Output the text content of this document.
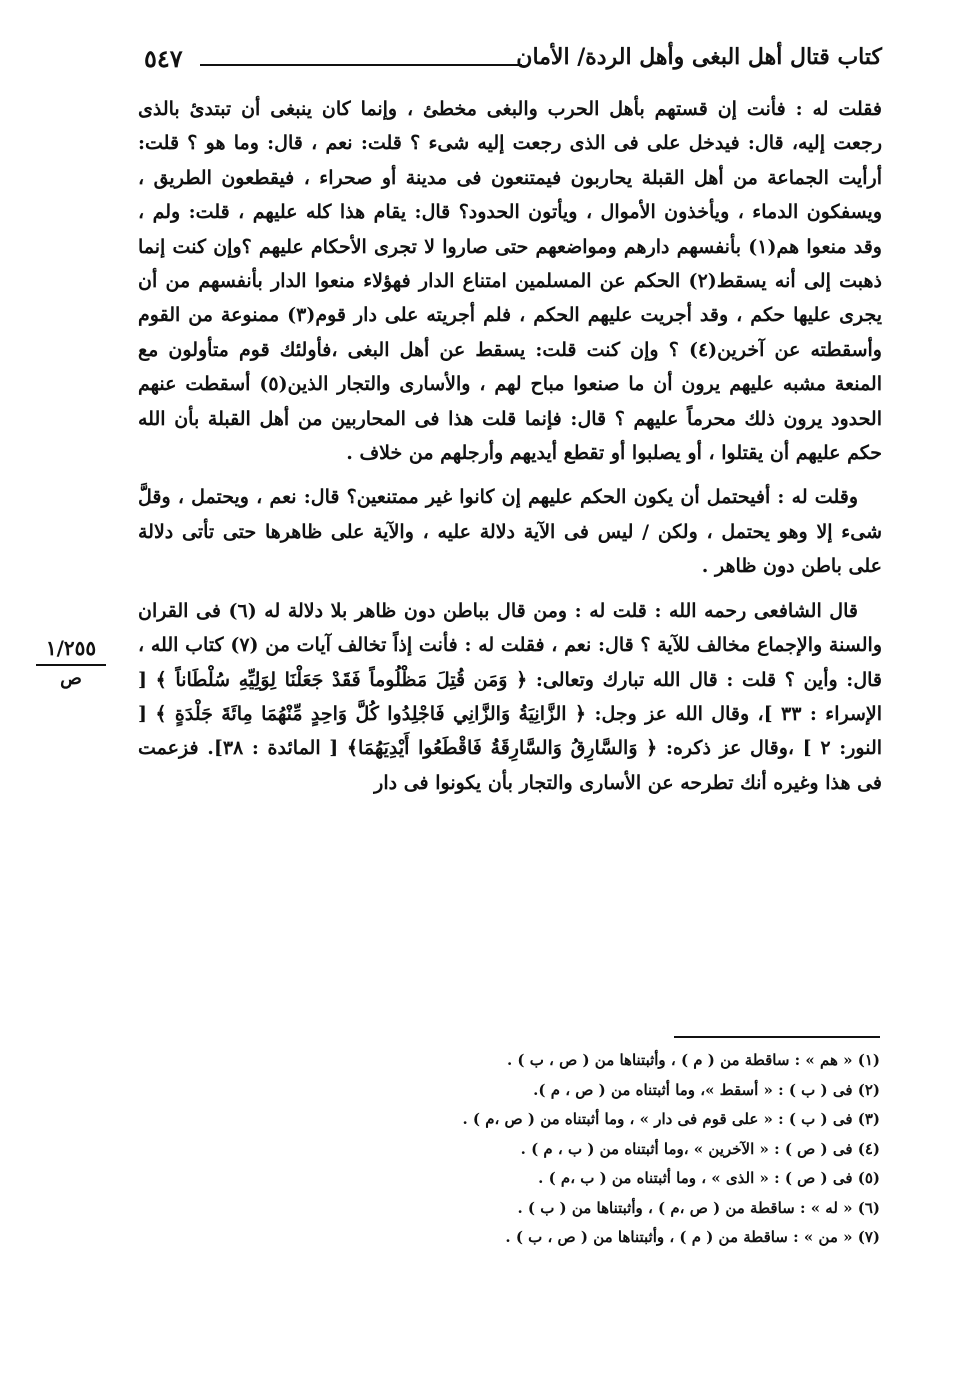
٥٤٧	كتاب قتال أهل البغى وأهل الردة/ الأمان

فقلت له : فأنت إن قستهم بأهل الحرب والبغى مخطئ ، وإنما كان ينبغى أن تبتدئ بالذى رجعت إليه، قال: فيدخل على فى الذى رجعت إليه شىء ؟ قلت: نعم ، قال: وما هو ؟ قلت: أرأيت الجماعة من أهل القبلة يحاربون فيمتنعون فى مدينة أو صحراء ، فيقطعون الطريق ، ويسفكون الدماء ، ويأخذون الأموال ، ويأتون الحدود؟ قال: يقام هذا كله عليهم ، قلت: ولم ، وقد منعوا هم(١) بأنفسهم دارهم ومواضعهم حتى صاروا لا تجرى الأحكام عليهم ؟وإن كنت إنما ذهبت إلى أنه يسقط(٢) الحكم عن المسلمين امتناع الدار فهؤلاء منعوا الدار بأنفسهم من أن يجرى عليها حكم ، وقد أجريت عليهم الحكم ، فلم أجريته على دار قوم(٣) ممنوعة من القوم وأسقطته عن آخرين(٤) ؟ وإن كنت قلت: يسقط عن أهل البغى ،فأولئك قوم متأولون مع المنعة مشبه عليهم يرون أن ما صنعوا مباح لهم ، والأسارى والتجار الذين(٥) أسقطت عنهم الحدود يرون ذلك محرماً عليهم ؟ قال: فإنما قلت هذا فى المحاربين من أهل القبلة بأن الله حكم عليهم أن يقتلوا ، أو يصلبوا أو تقطع أيديهم وأرجلهم من خلاف .

وقلت له : أفيحتمل أن يكون الحكم عليهم إن كانوا غير ممتنعين؟ قال: نعم ، ويحتمل ، وقلَّ شىء إلا وهو يحتمل ، ولكن / ليس فى الآية دلالة عليه ، والآية على ظاهرها حتى تأتى دلالة على باطن دون ظاهر .

قال الشافعى رحمه الله : قلت له : ومن قال بباطن دون ظاهر بلا دلالة له (٦) فى القران والسنة والإجماع مخالف للآية ؟ قال: نعم ، فقلت له : فأنت إذاً تخالف آيات من (٧) كتاب الله ، قال: وأين ؟ قلت : قال الله تبارك وتعالى: ﴿ وَمَن قُتِلَ مَظْلُوماً فَقَدْ جَعَلْنَا لِوَلِيِّهِ سُلْطَاناً ﴾ [ الإسراء : ٣٣ ]، وقال الله عز وجل: ﴿ الزَّانِيَةُ وَالزَّانِي فَاجْلِدُوا كُلَّ وَاحِدٍ مِّنْهُمَا مِائَةَ جَلْدَةٍ ﴾ [ النور: ٢ ] ،وقال عز ذكره: ﴿ وَالسَّارِقُ وَالسَّارِقَةُ فَاقْطَعُوا أَيْدِيَهُمَا﴾ [ المائدة : ٣٨]. فزعمت فى هذا وغيره أنك تطرحه عن الأسارى والتجار بأن يكونوا فى دار

١/٢٥٥
ص
(١) « هم » : ساقطة من ( م ) ، وأثبتناها من ( ص ، ب ) .
(٢) فى ( ب ) : « أسقط »، وما أثبتناه من ( ص ، م ).
(٣) فى ( ب ) : « على قوم فى دار » ، وما أثبتناه من ( ص ،م ) .
(٤) فى ( ص ) : « الآخرين » ،وما أثبتناه من ( ب ، م ) .
(٥) فى ( ص ) : « الذى » ، وما أثبتناه من ( ب ،م ) .
(٦) « له » : ساقطة من ( ص ،م ) ، وأثبتناها من ( ب ) .
(٧) « من » : ساقطة من ( م ) ، وأثبتناها من ( ص ، ب ) .
